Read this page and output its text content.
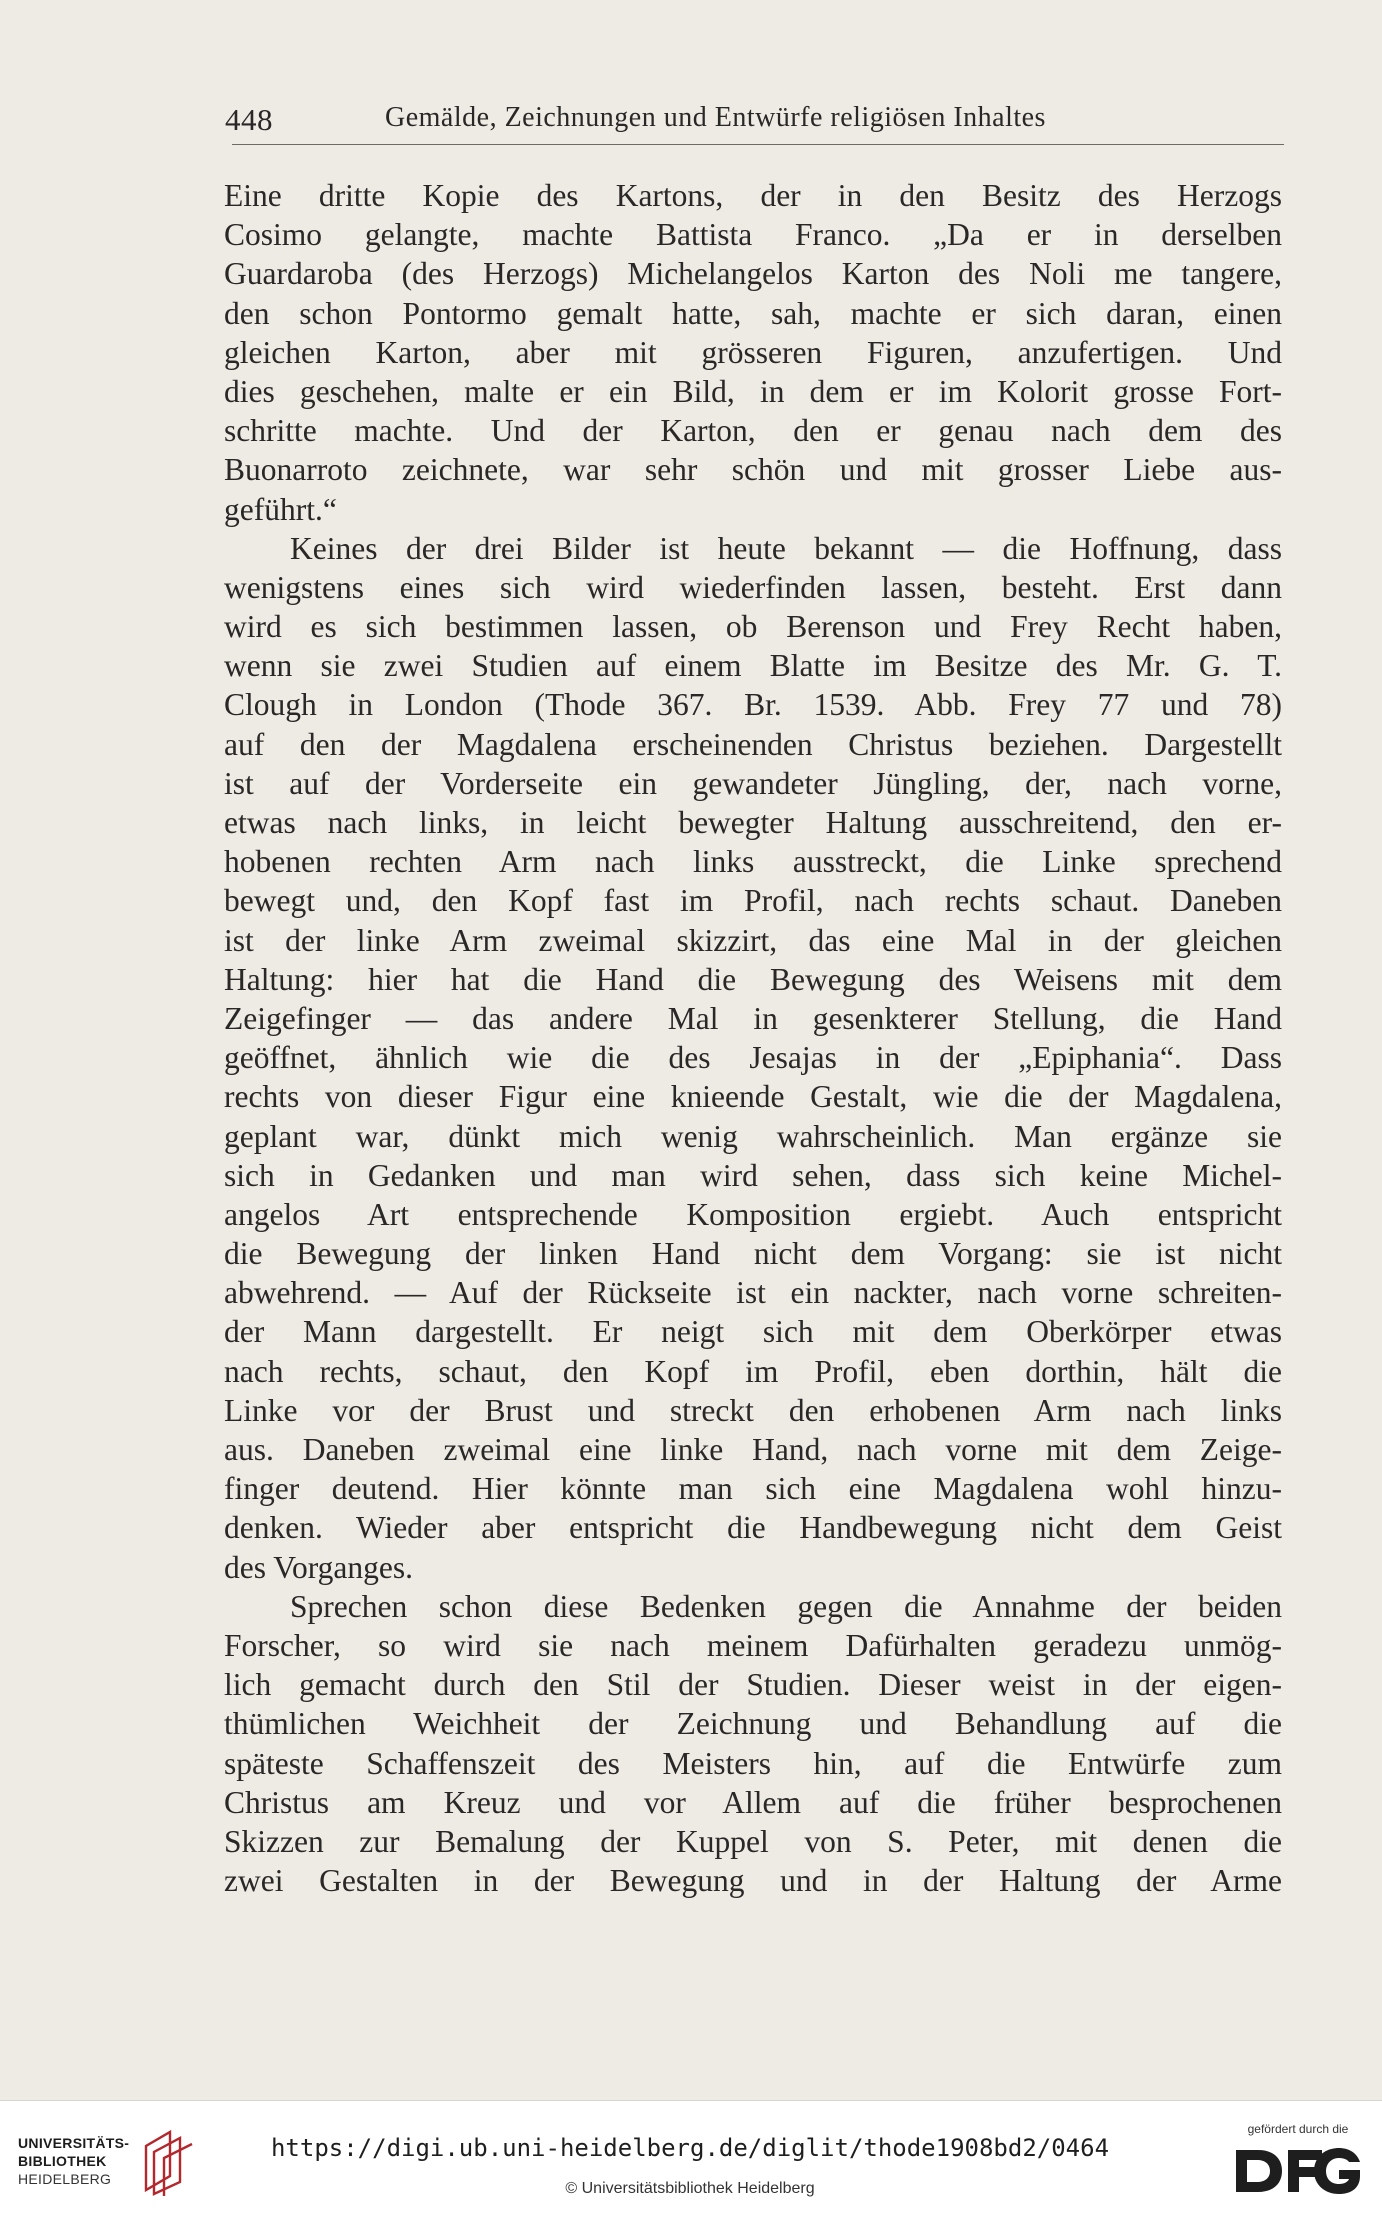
448	Gemälde, Zeichnungen und Entwürfe religiösen Inhaltes
Eine dritte Kopie des Kartons, der in den Besitz des Herzogs
Cosimo gelangte, machte Battista Franco. „Da er in derselben
Guardaroba (des Herzogs) Michelangelos Karton des Noli me tangere,
den schon Pontormo gemalt hatte, sah, machte er sich daran, einen
gleichen Karton, aber mit grösseren Figuren, anzufertigen. Und
dies geschehen, malte er ein Bild, in dem er im Kolorit grosse Fort-
schritte machte. Und der Karton, den er genau nach dem des
Buonarroto zeichnete, war sehr schön und mit grosser Liebe aus-
geführt.“
Keines der drei Bilder ist heute bekannt — die Hoffnung, dass
wenigstens eines sich wird wiederfinden lassen, besteht. Erst dann
wird es sich bestimmen lassen, ob Berenson und Frey Recht haben,
wenn sie zwei Studien auf einem Blatte im Besitze des Mr. G. T.
Clough in London (Thode 367. Br. 1539. Abb. Frey 77 und 78)
auf den der Magdalena erscheinenden Christus beziehen. Dargestellt
ist auf der Vorderseite ein gewandeter Jüngling, der, nach vorne,
etwas nach links, in leicht bewegter Haltung ausschreitend, den er-
hobenen rechten Arm nach links ausstreckt, die Linke sprechend
bewegt und, den Kopf fast im Profil, nach rechts schaut. Daneben
ist der linke Arm zweimal skizzirt, das eine Mal in der gleichen
Haltung: hier hat die Hand die Bewegung des Weisens mit dem
Zeigefinger — das andere Mal in gesenkterer Stellung, die Hand
geöffnet, ähnlich wie die des Jesajas in der „Epiphania“. Dass
rechts von dieser Figur eine knieende Gestalt, wie die der Magdalena,
geplant war, dünkt mich wenig wahrscheinlich. Man ergänze sie
sich in Gedanken und man wird sehen, dass sich keine Michel-
angelos Art entsprechende Komposition ergiebt. Auch entspricht
die Bewegung der linken Hand nicht dem Vorgang: sie ist nicht
abwehrend. — Auf der Rückseite ist ein nackter, nach vorne schreiten-
der Mann dargestellt. Er neigt sich mit dem Oberkörper etwas
nach rechts, schaut, den Kopf im Profil, eben dorthin, hält die
Linke vor der Brust und streckt den erhobenen Arm nach links
aus. Daneben zweimal eine linke Hand, nach vorne mit dem Zeige-
finger deutend. Hier könnte man sich eine Magdalena wohl hinzu-
denken. Wieder aber entspricht die Handbewegung nicht dem Geist
des Vorganges.
Sprechen schon diese Bedenken gegen die Annahme der beiden
Forscher, so wird sie nach meinem Dafürhalten geradezu unmög-
lich gemacht durch den Stil der Studien. Dieser weist in der eigen-
thümlichen Weichheit der Zeichnung und Behandlung auf die
späteste Schaffenszeit des Meisters hin, auf die Entwürfe zum
Christus am Kreuz und vor Allem auf die früher besprochenen
Skizzen zur Bemalung der Kuppel von S. Peter, mit denen die
zwei Gestalten in der Bewegung und in der Haltung der Arme
UNIVERSITÄTS-
BIBLIOTHEK
HEIDELBERG
https://digi.ub.uni-heidelberg.de/diglit/thode1908bd2/0464
© Universitätsbibliothek Heidelberg
gefördert durch die
